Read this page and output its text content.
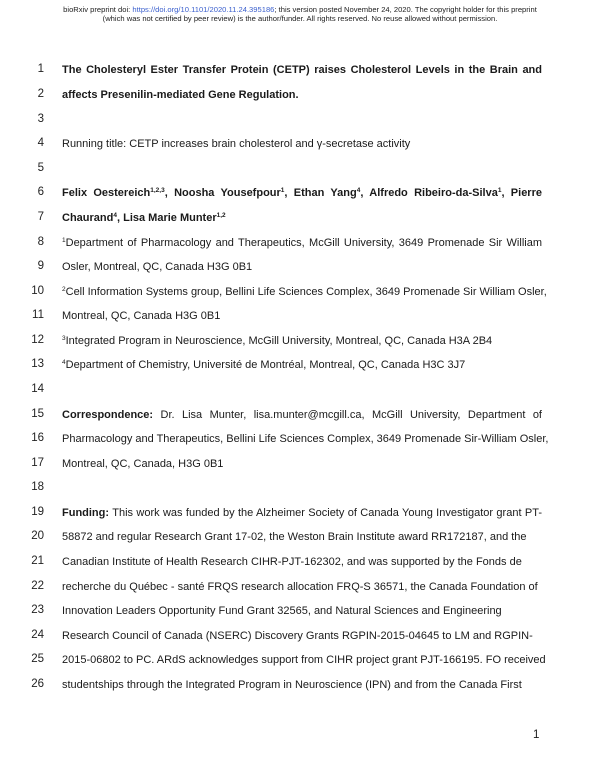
bioRxiv preprint doi: https://doi.org/10.1101/2020.11.24.395186; this version posted November 24, 2020. The copyright holder for this preprint
(which was not certified by peer review) is the author/funder. All rights reserved. No reuse allowed without permission.
1
2
3
4
5
6
7
8
9
10
11
12
13
14
15
16
17
18
19
20
21
22
23
24
25
26
The Cholesteryl Ester Transfer Protein (CETP) raises Cholesterol Levels in the Brain and
affects Presenilin-mediated Gene Regulation.
Running title: CETP increases brain cholesterol and γ-secretase activity
Felix Oestereich$^{1,2,3}$, Noosha Yousefpour$^1$, Ethan Yang$^4$, Alfredo Ribeiro-da-Silva$^1$, Pierre
Chaurand$^4$, Lisa Marie Munter$^{1,2}$
$^1$Department of Pharmacology and Therapeutics, McGill University, 3649 Promenade Sir William
Osler, Montreal, QC, Canada H3G 0B1
$^2$Cell Information Systems group, Bellini Life Sciences Complex, 3649 Promenade Sir William Osler,
Montreal, QC, Canada H3G 0B1
$^3$Integrated Program in Neuroscience, McGill University, Montreal, QC, Canada H3A 2B4
$^4$Department of Chemistry, Université de Montréal, Montreal, QC, Canada H3C 3J7
Correspondence: Dr. Lisa Munter, lisa.munter@mcgill.ca, McGill University, Department of
Pharmacology and Therapeutics, Bellini Life Sciences Complex, 3649 Promenade Sir-William Osler,
Montreal, QC, Canada, H3G 0B1
Funding: This work was funded by the Alzheimer Society of Canada Young Investigator grant PT-
58872 and regular Research Grant 17-02, the Weston Brain Institute award RR172187, and the
Canadian Institute of Health Research CIHR-PJT-162302, and was supported by the Fonds de
recherche du Québec - santé FRQS research allocation FRQ-S 36571, the Canada Foundation of
Innovation Leaders Opportunity Fund Grant 32565, and Natural Sciences and Engineering
Research Council of Canada (NSERC) Discovery Grants RGPIN-2015-04645 to LM and RGPIN-
2015-06802 to PC. ARdS acknowledges support from CIHR project grant PJT-166195. FO received
studentships through the Integrated Program in Neuroscience (IPN) and from the Canada First
1
